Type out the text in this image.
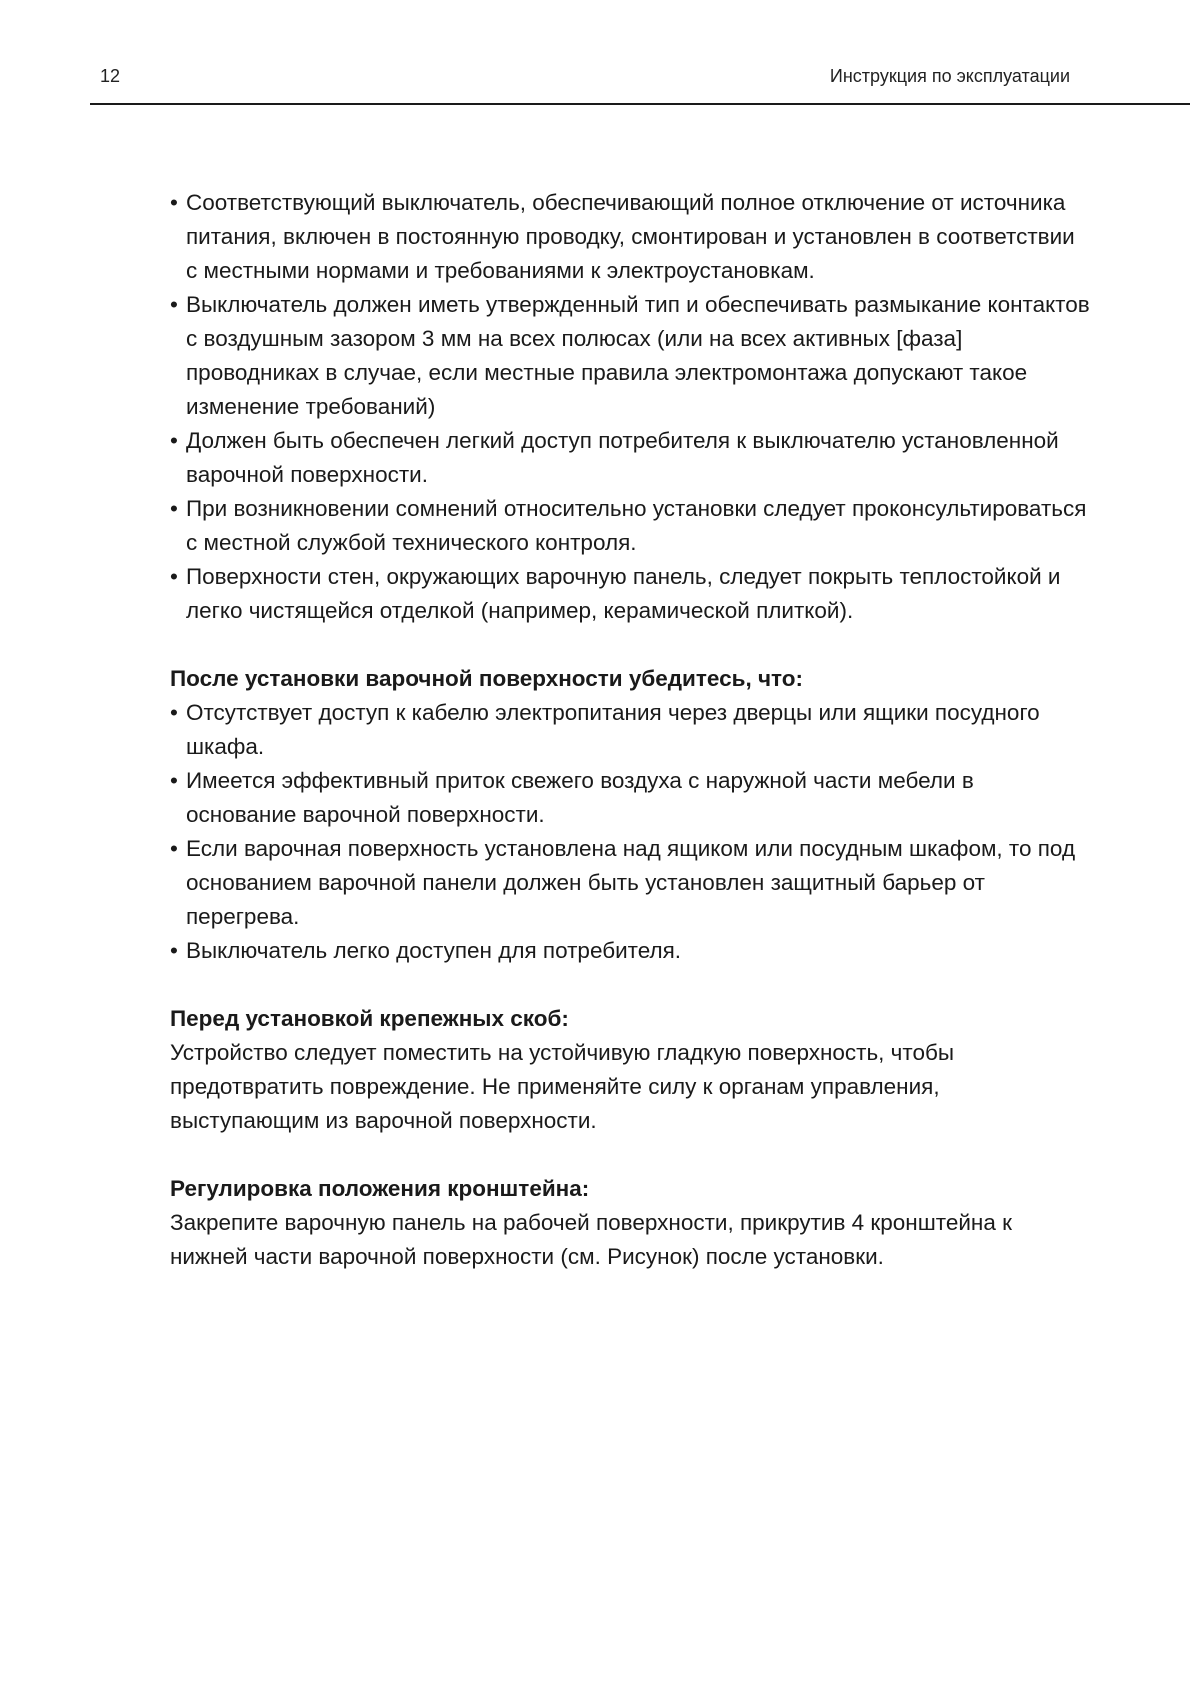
12	Инструкция по эксплуатации
• Соответствующий выключатель, обеспечивающий полное отключение от источника питания, включен в постоянную проводку, смонтирован и установлен в соответствии с местными нормами и требованиями к электроустановкам.
• Выключатель должен иметь утвержденный тип и обеспечивать размыкание контактов с воздушным зазором 3 мм на всех полюсах (или на всех активных [фаза] проводниках в случае, если местные правила электромонтажа допускают такое изменение требований)
• Должен быть обеспечен легкий доступ потребителя к выключателю установленной варочной поверхности.
• При возникновении сомнений относительно установки следует проконсультироваться с местной службой технического контроля.
• Поверхности стен, окружающих варочную панель, следует покрыть теплостойкой и легко чистящейся отделкой (например, керамической плиткой).

После установки варочной поверхности убедитесь, что:

• Отсутствует доступ к кабелю электропитания через дверцы или ящики посудного шкафа.
• Имеется эффективный приток свежего воздуха с наружной части мебели в основание варочной поверхности.
• Если варочная поверхность установлена над ящиком или посудным шкафом, то под основанием варочной панели должен быть установлен защитный барьер от перегрева.
• Выключатель легко доступен для потребителя.

Перед установкой крепежных скоб:

Устройство следует поместить на устойчивую гладкую поверхность, чтобы предотвратить повреждение. Не применяйте силу к органам управления, выступающим из варочной поверхности.

Регулировка положения кронштейна:

Закрепите варочную панель на рабочей поверхности, прикрутив 4 кронштейна к нижней части варочной поверхности (см. Рисунок) после установки.
